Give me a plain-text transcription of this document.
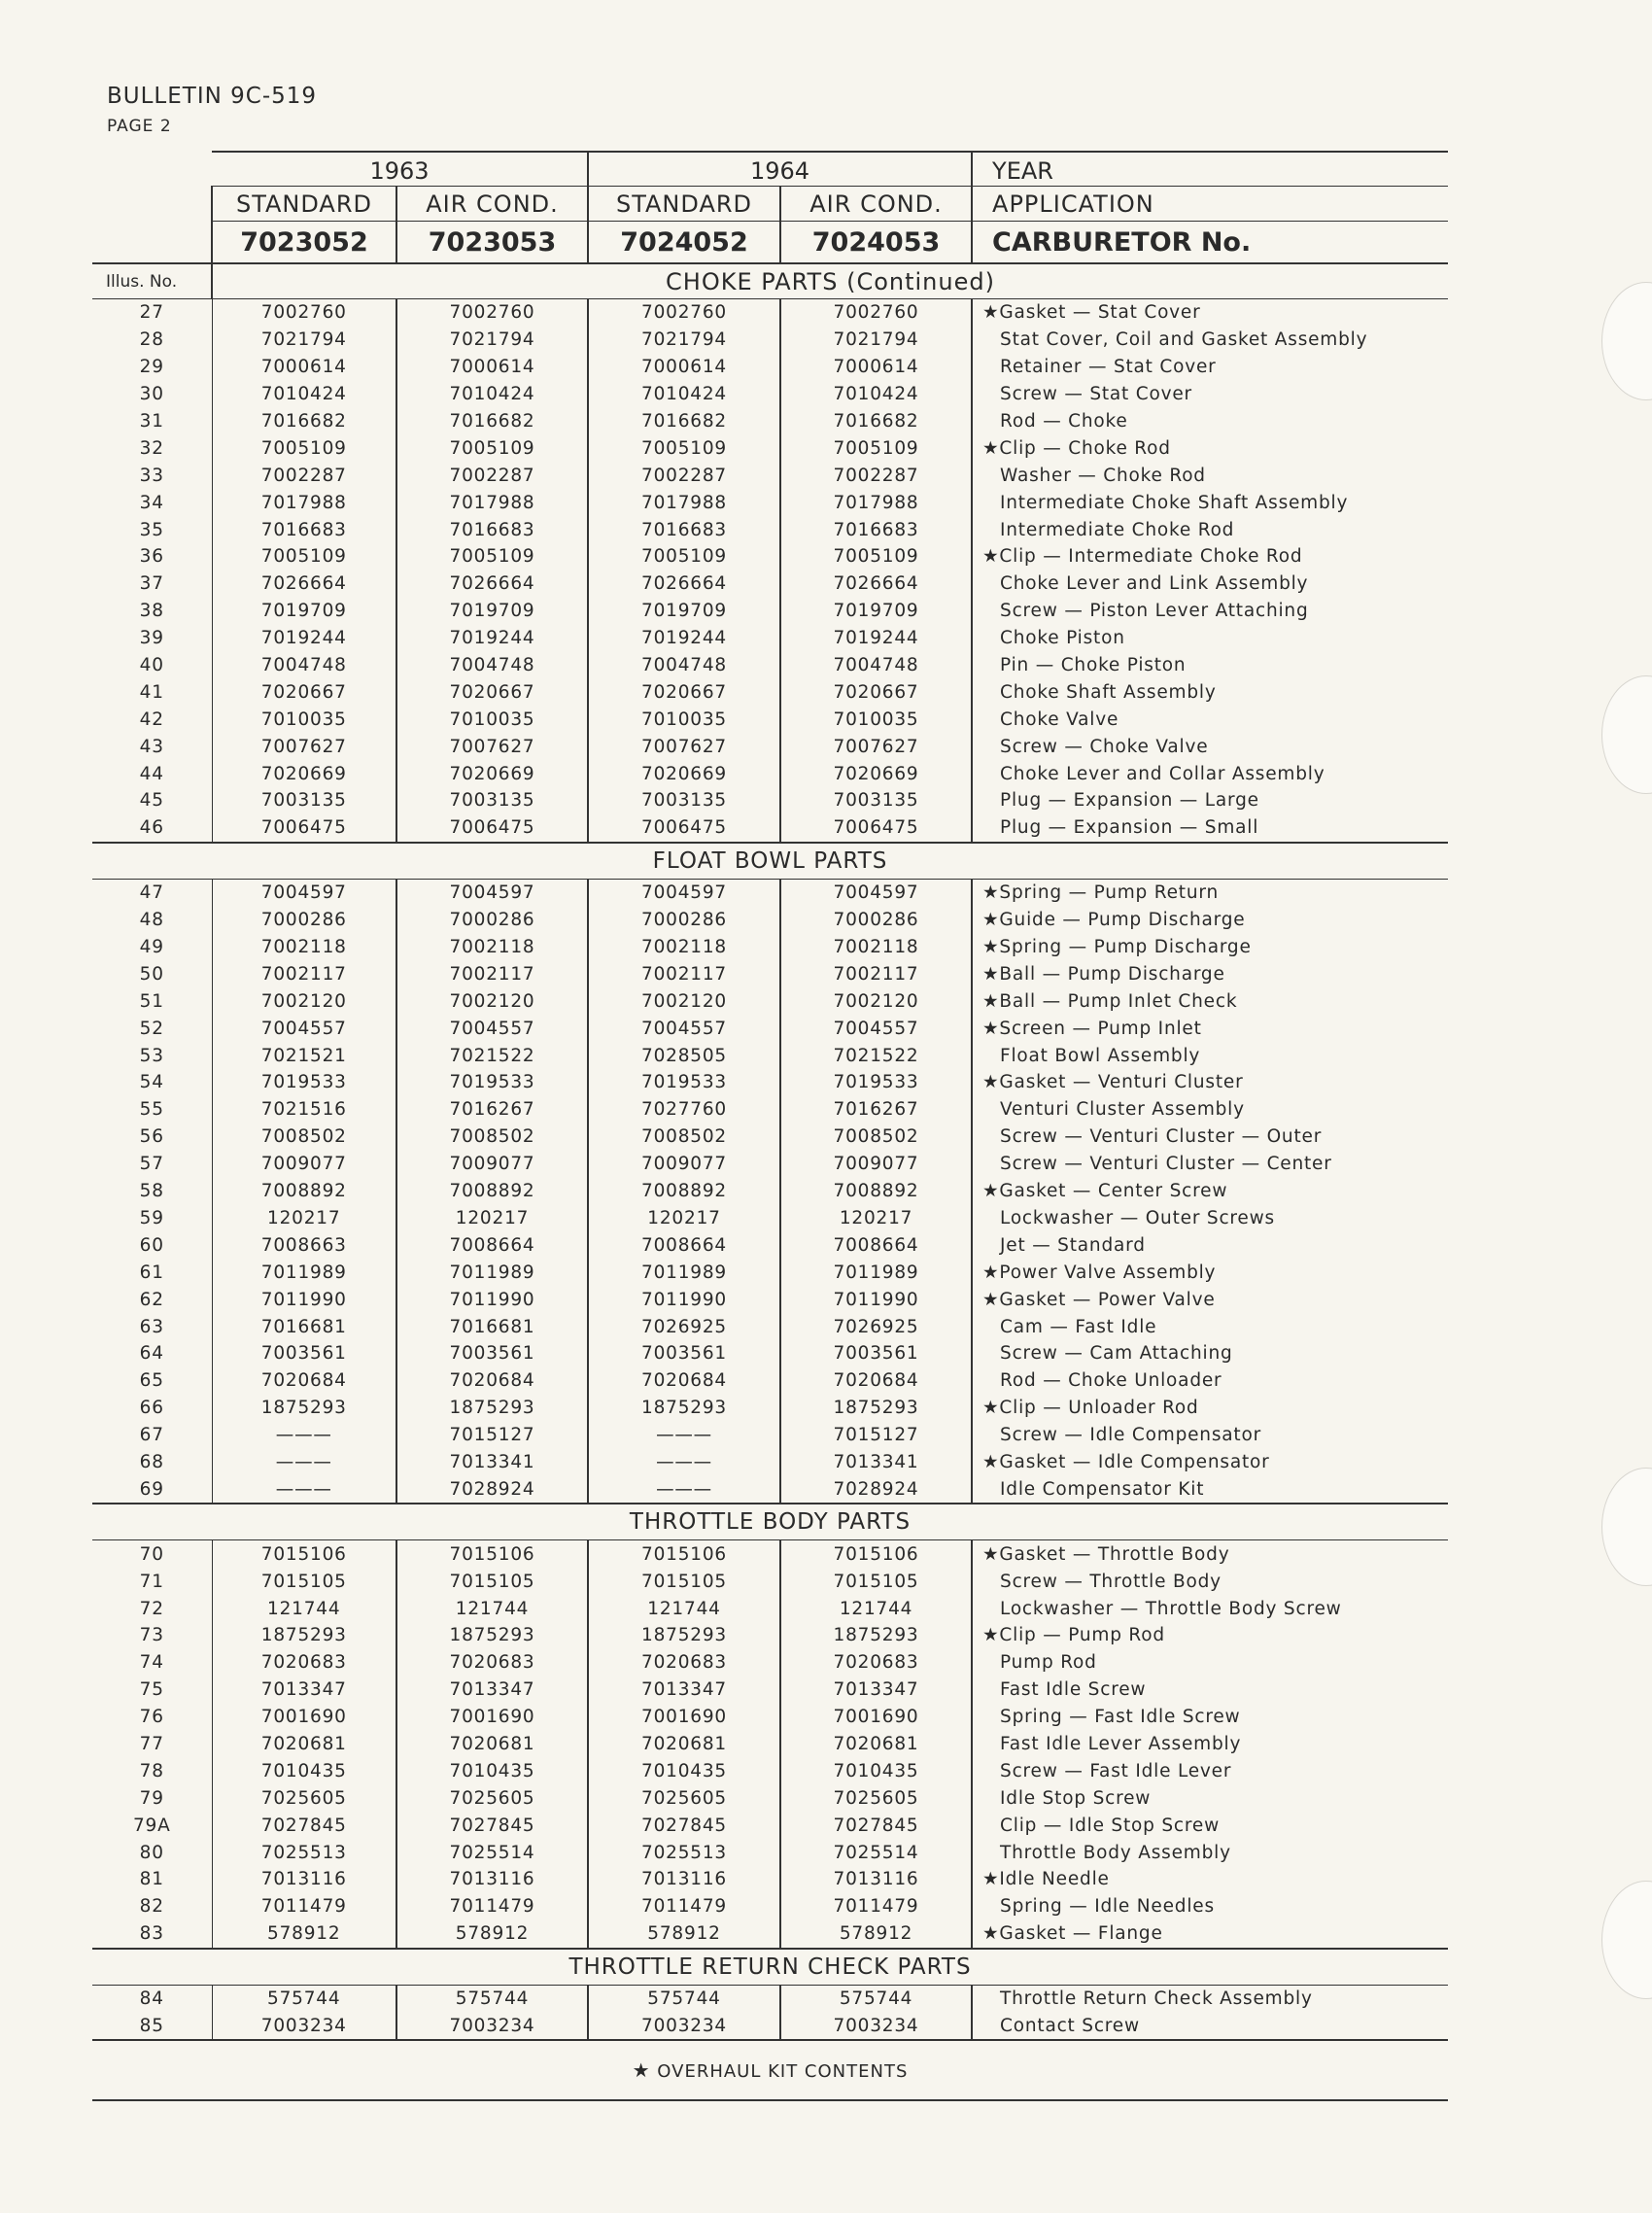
BULLETIN 9C-519
PAGE 2
	1963		1964		YEAR
	STANDARD	AIR COND.	STANDARD	AIR COND.	APPLICATION
	7023052	7023053	7024052	7024053	CARBURETOR No.
Illus. No.	CHOKE PARTS (Continued)				
27	7002760	7002760	7002760	7002760	★Gasket — Stat Cover
28	7021794	7021794	7021794	7021794	Stat Cover, Coil and Gasket Assembly
29	7000614	7000614	7000614	7000614	Retainer — Stat Cover
30	7010424	7010424	7010424	7010424	Screw — Stat Cover
31	7016682	7016682	7016682	7016682	Rod — Choke
32	7005109	7005109	7005109	7005109	★Clip — Choke Rod
33	7002287	7002287	7002287	7002287	Washer — Choke Rod
34	7017988	7017988	7017988	7017988	Intermediate Choke Shaft Assembly
35	7016683	7016683	7016683	7016683	Intermediate Choke Rod
36	7005109	7005109	7005109	7005109	★Clip — Intermediate Choke Rod
37	7026664	7026664	7026664	7026664	Choke Lever and Link Assembly
38	7019709	7019709	7019709	7019709	Screw — Piston Lever Attaching
39	7019244	7019244	7019244	7019244	Choke Piston
40	7004748	7004748	7004748	7004748	Pin — Choke Piston
41	7020667	7020667	7020667	7020667	Choke Shaft Assembly
42	7010035	7010035	7010035	7010035	Choke Valve
43	7007627	7007627	7007627	7007627	Screw — Choke Valve
44	7020669	7020669	7020669	7020669	Choke Lever and Collar Assembly
45	7003135	7003135	7003135	7003135	Plug — Expansion — Large
46	7006475	7006475	7006475	7006475	Plug — Expansion — Small
FLOAT BOWL PARTS					
47	7004597	7004597	7004597	7004597	★Spring — Pump Return
48	7000286	7000286	7000286	7000286	★Guide — Pump Discharge
49	7002118	7002118	7002118	7002118	★Spring — Pump Discharge
50	7002117	7002117	7002117	7002117	★Ball — Pump Discharge
51	7002120	7002120	7002120	7002120	★Ball — Pump Inlet Check
52	7004557	7004557	7004557	7004557	★Screen — Pump Inlet
53	7021521	7021522	7028505	7021522	Float Bowl Assembly
54	7019533	7019533	7019533	7019533	★Gasket — Venturi Cluster
55	7021516	7016267	7027760	7016267	Venturi Cluster Assembly
56	7008502	7008502	7008502	7008502	Screw — Venturi Cluster — Outer
57	7009077	7009077	7009077	7009077	Screw — Venturi Cluster — Center
58	7008892	7008892	7008892	7008892	★Gasket — Center Screw
59	120217	120217	120217	120217	Lockwasher — Outer Screws
60	7008663	7008664	7008664	7008664	Jet — Standard
61	7011989	7011989	7011989	7011989	★Power Valve Assembly
62	7011990	7011990	7011990	7011990	★Gasket — Power Valve
63	7016681	7016681	7026925	7026925	Cam — Fast Idle
64	7003561	7003561	7003561	7003561	Screw — Cam Attaching
65	7020684	7020684	7020684	7020684	Rod — Choke Unloader
66	1875293	1875293	1875293	1875293	★Clip — Unloader Rod
67	———	7015127	———	7015127	Screw — Idle Compensator
68	———	7013341	———	7013341	★Gasket — Idle Compensator
69	———	7028924	———	7028924	Idle Compensator Kit
THROTTLE BODY PARTS					
70	7015106	7015106	7015106	7015106	★Gasket — Throttle Body
71	7015105	7015105	7015105	7015105	Screw — Throttle Body
72	121744	121744	121744	121744	Lockwasher — Throttle Body Screw
73	1875293	1875293	1875293	1875293	★Clip — Pump Rod
74	7020683	7020683	7020683	7020683	Pump Rod
75	7013347	7013347	7013347	7013347	Fast Idle Screw
76	7001690	7001690	7001690	7001690	Spring — Fast Idle Screw
77	7020681	7020681	7020681	7020681	Fast Idle Lever Assembly
78	7010435	7010435	7010435	7010435	Screw — Fast Idle Lever
79	7025605	7025605	7025605	7025605	Idle Stop Screw
79A	7027845	7027845	7027845	7027845	Clip — Idle Stop Screw
80	7025513	7025514	7025513	7025514	Throttle Body Assembly
81	7013116	7013116	7013116	7013116	★Idle Needle
82	7011479	7011479	7011479	7011479	Spring — Idle Needles
83	578912	578912	578912	578912	★Gasket — Flange
THROTTLE RETURN CHECK PARTS					
84	575744	575744	575744	575744	Throttle Return Check Assembly
85	7003234	7003234	7003234	7003234	Contact Screw
★ OVERHAUL KIT CONTENTS
